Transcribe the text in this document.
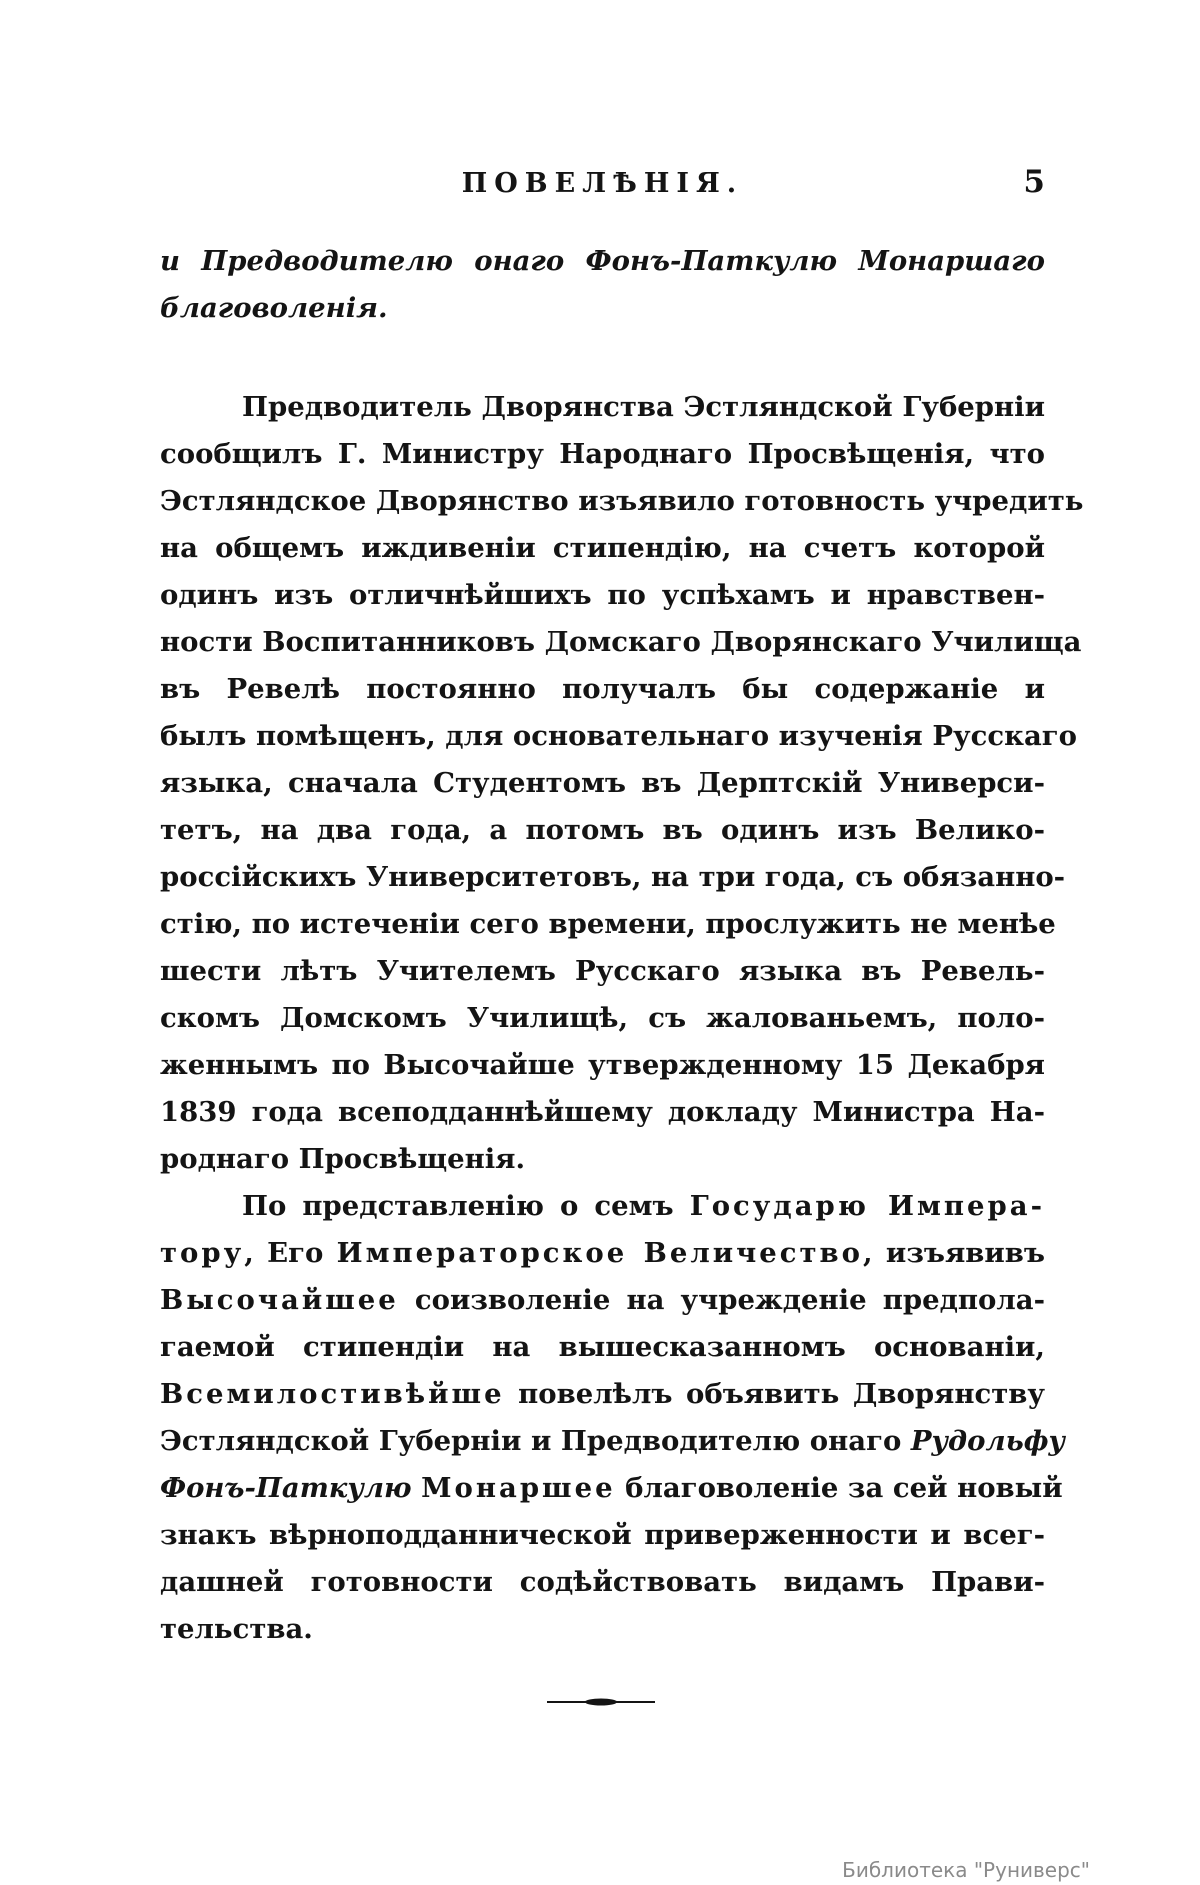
ПОВЕЛѢНІЯ.	5
и Предводителю онаго Фонъ-Паткулю Монаршаго
благоволенія.
Предводитель Дворянства Эстляндской Губерніи
сообщилъ Г. Министру Народнаго Просвѣщенія, что
Эстляндское Дворянство изъявило готовность учредить
на общемъ иждивеніи стипендію, на счетъ которой
одинъ изъ отличнѣйшихъ по успѣхамъ и нравствен-
ности Воспитанниковъ Домскаго Дворянскаго Училища
въ Ревелѣ постоянно получалъ бы содержаніе и
былъ помѣщенъ, для основательнаго изученія Русскаго
языка, сначала Студентомъ въ Дерптскій Универси-
тетъ, на два года, а потомъ въ одинъ изъ Велико-
россійскихъ Университетовъ, на три года, съ обязанно-
стію, по истеченіи сего времени, прослужить не менѣе
шести лѣтъ Учителемъ Русскаго языка въ Ревель-
скомъ Домскомъ Училищѣ, съ жалованьемъ, поло-
женнымъ по Высочайше утвержденному 15 Декабря
1839 года всеподданнѣйшему докладу Министра На-
роднаго Просвѣщенія.
По представленію о семъ Государю Импера-
тору, Его Императорское Величество, изъявивъ
Высочайшее соизволеніе на учрежденіе предпола-
гаемой стипендіи на вышесказанномъ основаніи,
Всемилостивѣйше повелѣлъ объявить Дворянству
Эстляндской Губерніи и Предводителю онаго Рудольфу
Фонъ-Паткулю Монаршее благоволеніе за сей новый
знакъ вѣрноподданнической приверженности и всег-
дашней готовности содѣйствовать видамъ Прави-
тельства.
Библиотека "Руниверс"
